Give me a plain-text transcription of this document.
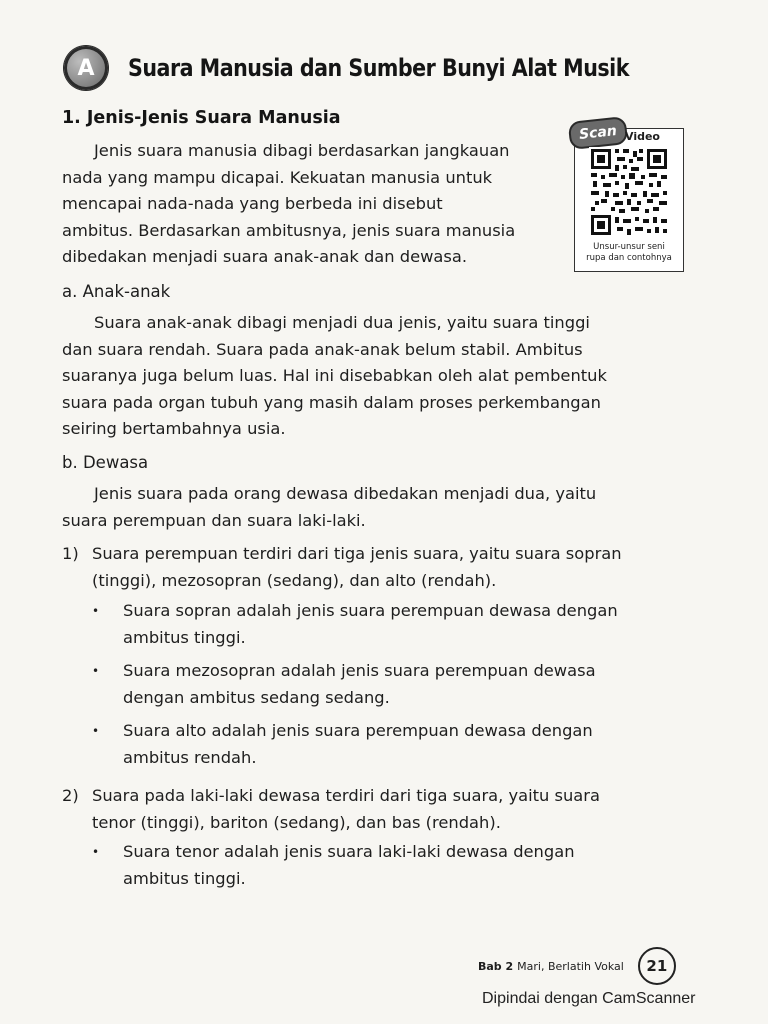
A	Suara Manusia dan Sumber Bunyi Alat Musik
1. Jenis-Jenis Suara Manusia

Jenis suara manusia dibagi berdasarkan jangkauan

nada yang mampu dicapai. Kekuatan manusia untuk

mencapai nada-nada yang berbeda ini disebut

ambitus. Berdasarkan ambitusnya, jenis suara manusia

dibedakan menjadi suara anak-anak dan dewasa.

Scan Video
Unsur-unsur seni
rupa dan contohnya
a. Anak-anak

Suara anak-anak dibagi menjadi dua jenis, yaitu suara tinggi

dan suara rendah. Suara pada anak-anak belum stabil. Ambitus

suaranya juga belum luas. Hal ini disebabkan oleh alat pembentuk

suara pada organ tubuh yang masih dalam proses perkembangan

seiring bertambahnya usia.

b. Dewasa

Jenis suara pada orang dewasa dibedakan menjadi dua, yaitu

suara perempuan dan suara laki-laki.

1) Suara perempuan terdiri dari tiga jenis suara, yaitu suara sopran
(tinggi), mezosopran (sedang), dan alto (rendah).
• Suara sopran adalah jenis suara perempuan dewasa dengan
ambitus tinggi.
• Suara mezosopran adalah jenis suara perempuan dewasa
dengan ambitus sedang sedang.
• Suara alto adalah jenis suara perempuan dewasa dengan
ambitus rendah.
2) Suara pada laki-laki dewasa terdiri dari tiga suara, yaitu suara
tenor (tinggi), bariton (sedang), dan bas (rendah).
• Suara tenor adalah jenis suara laki-laki dewasa dengan
ambitus tinggi.
Bab 2 Mari, Berlatih Vokal	21
Dipindai dengan CamScanner
